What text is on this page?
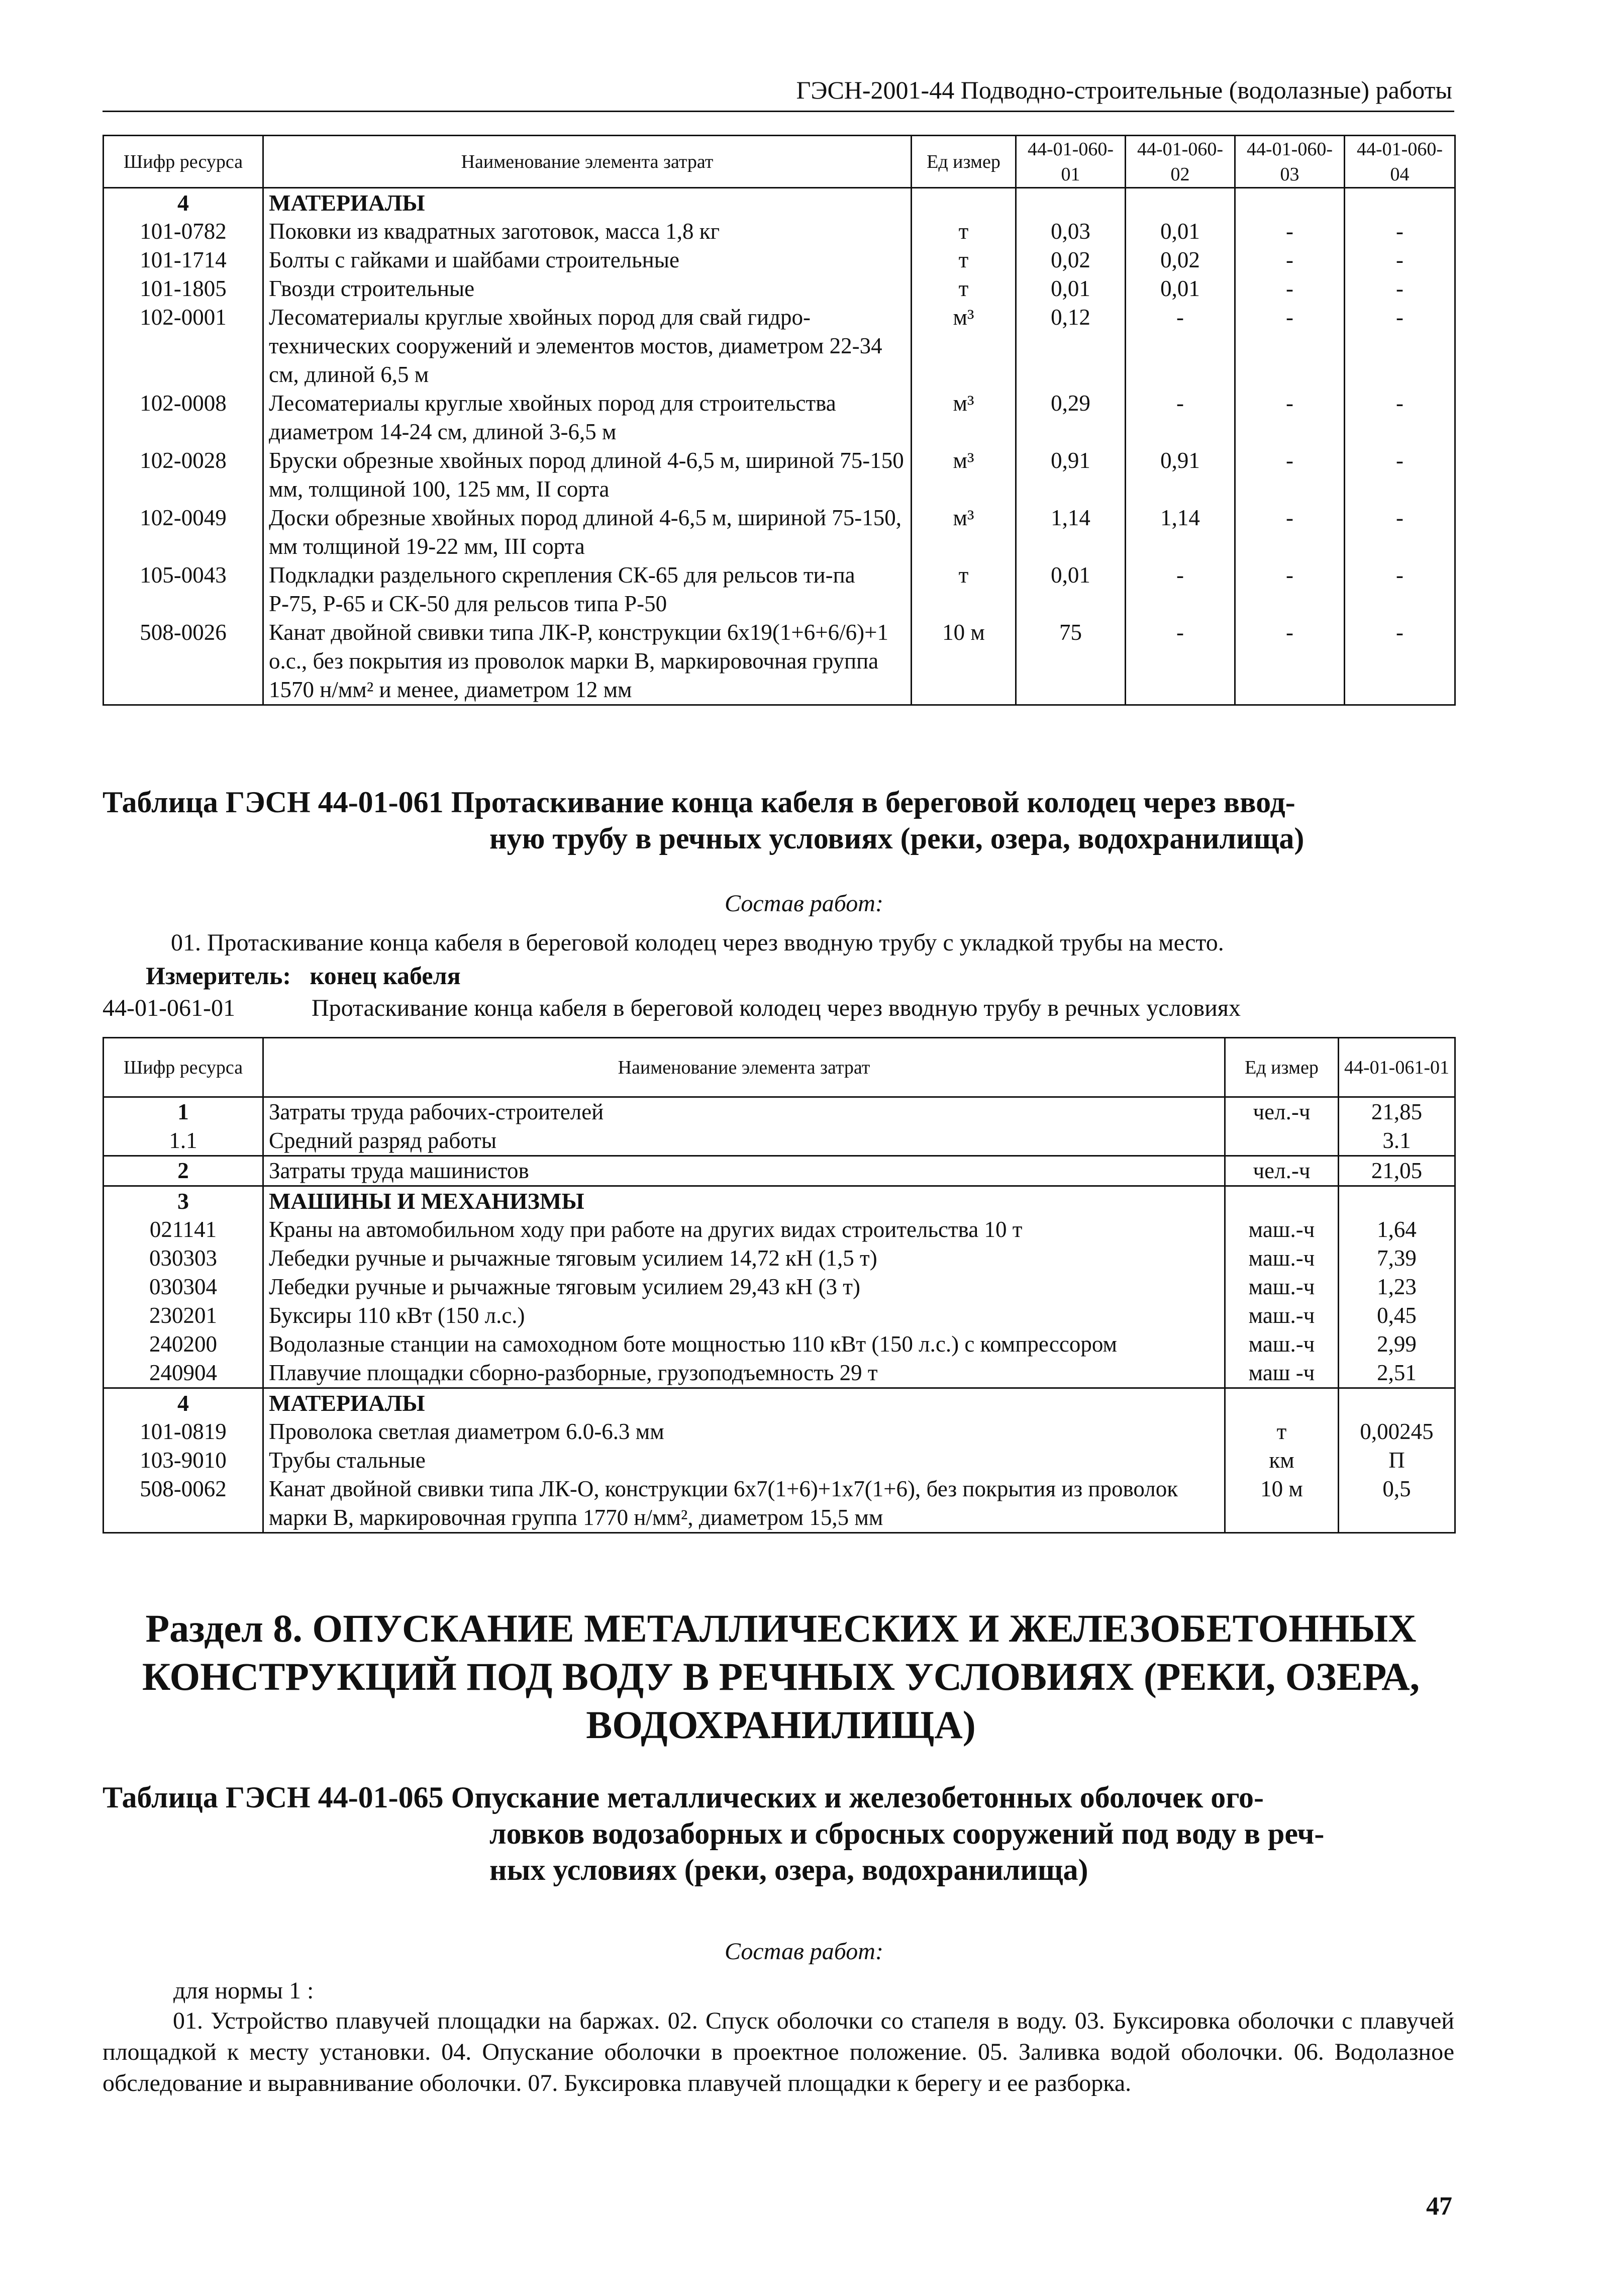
ГЭСН-2001-44 Подводно-строительные (водолазные) работы
Шифр ресурса	Наименование элемента затрат	Ед измер	44-01-060-01	44-01-060-02	44-01-060-03	44-01-060-04
4	МАТЕРИАЛЫ					
101-0782	Поковки из квадратных заготовок, масса 1,8 кг	т	0,03	0,01	-	-
101-1714	Болты с гайками и шайбами строительные	т	0,02	0,02	-	-
101-1805	Гвозди строительные	т	0,01	0,01	-	-
102-0001	Лесоматериалы круглые хвойных пород для свай гидро-технических сооружений и элементов мостов, диаметром 22-34 см, длиной 6,5 м	м³	0,12	-	-	-
102-0008	Лесоматериалы круглые хвойных пород для строительства диаметром 14-24 см, длиной 3-6,5 м	м³	0,29	-	-	-
102-0028	Бруски обрезные хвойных пород длиной 4-6,5 м, шириной 75-150 мм, толщиной 100, 125 мм, II сорта	м³	0,91	0,91	-	-
102-0049	Доски обрезные хвойных пород длиной 4-6,5 м, шириной 75-150, мм толщиной 19-22 мм, III сорта	м³	1,14	1,14	-	-
105-0043	Подкладки раздельного скрепления СК-65 для рельсов ти-па Р-75, Р-65 и СК-50 для рельсов типа Р-50	т	0,01	-	-	-
508-0026	Канат двойной свивки типа ЛК-Р, конструкции 6х19(1+6+6/6)+1 о.с., без покрытия из проволок марки В, маркировочная группа 1570 н/мм² и менее, диаметром 12 мм	10 м	75	-	-	-
Таблица ГЭСН 44-01-061 Протаскивание конца кабеля в береговой колодец через ввод-
ную трубу в речных условиях (реки, озера, водохранилища)
Состав работ:
01. Протаскивание конца кабеля в береговой колодец через вводную трубу с укладкой трубы на место.
Измеритель: конец кабеля
44-01-061-01	Протаскивание конца кабеля в береговой колодец через вводную трубу в речных условиях
Шифр ресурса	Наименование элемента затрат	Ед измер	44-01-061-01
1	Затраты труда рабочих-строителей	чел.-ч	21,85
1.1	Средний разряд работы		3.1
2	Затраты труда машинистов	чел.-ч	21,05
3	МАШИНЫ И МЕХАНИЗМЫ		
021141	Краны на автомобильном ходу при работе на других видах строительства 10 т	маш.-ч	1,64
030303	Лебедки ручные и рычажные тяговым усилием 14,72 кН (1,5 т)	маш.-ч	7,39
030304	Лебедки ручные и рычажные тяговым усилием 29,43 кН (3 т)	маш.-ч	1,23
230201	Буксиры 110 кВт (150 л.с.)	маш.-ч	0,45
240200	Водолазные станции на самоходном боте мощностью 110 кВт (150 л.с.) с компрессором	маш.-ч	2,99
240904	Плавучие площадки сборно-разборные, грузоподъемность 29 т	маш -ч	2,51
4	МАТЕРИАЛЫ		
101-0819	Проволока светлая диаметром 6.0-6.3 мм	т	0,00245
103-9010	Трубы стальные	км	П
508-0062	Канат двойной свивки типа ЛК-О, конструкции 6х7(1+6)+1х7(1+6), без покрытия из проволок марки В, маркировочная группа 1770 н/мм², диаметром 15,5 мм	10 м	0,5
Раздел 8. ОПУСКАНИЕ МЕТАЛЛИЧЕСКИХ И ЖЕЛЕЗОБЕТОННЫХ
КОНСТРУКЦИЙ ПОД ВОДУ В РЕЧНЫХ УСЛОВИЯХ (РЕКИ, ОЗЕРА,
ВОДОХРАНИЛИЩА)
Таблица ГЭСН 44-01-065 Опускание металлических и железобетонных оболочек ого-
ловков водозаборных и сбросных сооружений под воду в реч-
ных условиях (реки, озера, водохранилища)
Состав работ:
для нормы 1 :
01. Устройство плавучей площадки на баржах. 02. Спуск оболочки со стапеля в воду. 03. Буксировка оболочки с плавучей площадкой к месту установки. 04. Опускание оболочки в проектное положение. 05. Заливка водой оболочки. 06. Водолазное обследование и выравнивание оболочки. 07. Буксировка плавучей площадки к берегу и ее разборка.
47
